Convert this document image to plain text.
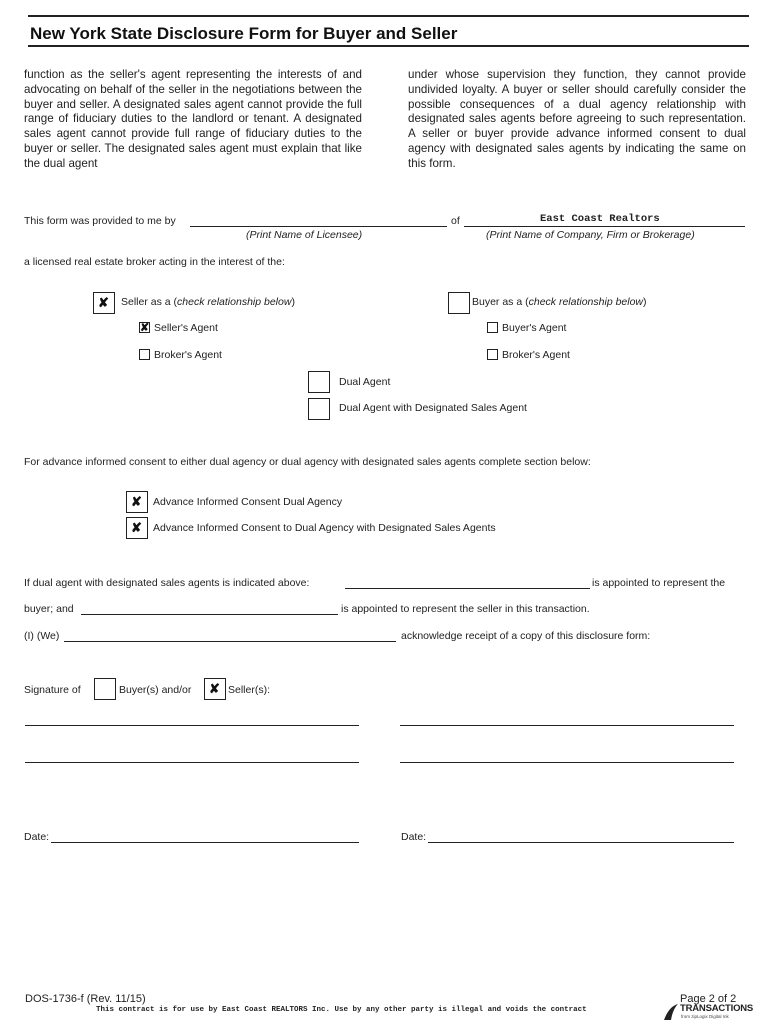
New York State Disclosure Form for Buyer and Seller
function as the seller's agent representing the interests of and advocating on behalf of the seller in the negotiations between the buyer and seller. A designated sales agent cannot provide the full range of fiduciary duties to the landlord or tenant. A designated sales agent cannot provide full range of fiduciary duties to the buyer or seller. The designated sales agent must explain that like the dual agent
under whose supervision they function, they cannot provide undivided loyalty. A buyer or seller should carefully consider the possible consequences of a dual agency relationship with designated sales agents before agreeing to such representation. A seller or buyer provide advance informed consent to dual agency with designated sales agents by indicating the same on this form.
This form was provided to me by
(Print Name of Licensee)
of	East Coast Realtors
(Print Name of Company, Firm or Brokerage)
a licensed real estate broker acting in the interest of the:
✘ Seller as a (check relationship below)	Buyer as a (check relationship below)
✘ Seller's Agent	Buyer's Agent
Broker's Agent	Broker's Agent
Dual Agent
Dual Agent with Designated Sales Agent
For advance informed consent to either dual agency or dual agency with designated sales agents complete section below:
✘ Advance Informed Consent Dual Agency
✘ Advance Informed Consent to Dual Agency with Designated Sales Agents
If dual agent with designated sales agents is indicated above:	is appointed to represent the
buyer; and	is appointed to represent the seller in this transaction.
(I) (We)	acknowledge receipt of a copy of this disclosure form:
Signature of	Buyer(s) and/or ✘ Seller(s):
Date:	Date:
DOS-1736-f (Rev. 11/15)	Page 2 of 2
This contract is for use by East Coast REALTORS Inc. Use by any other party is illegal and voids the contract	TRANSACTIONS
from zipLogix Digital Ink
